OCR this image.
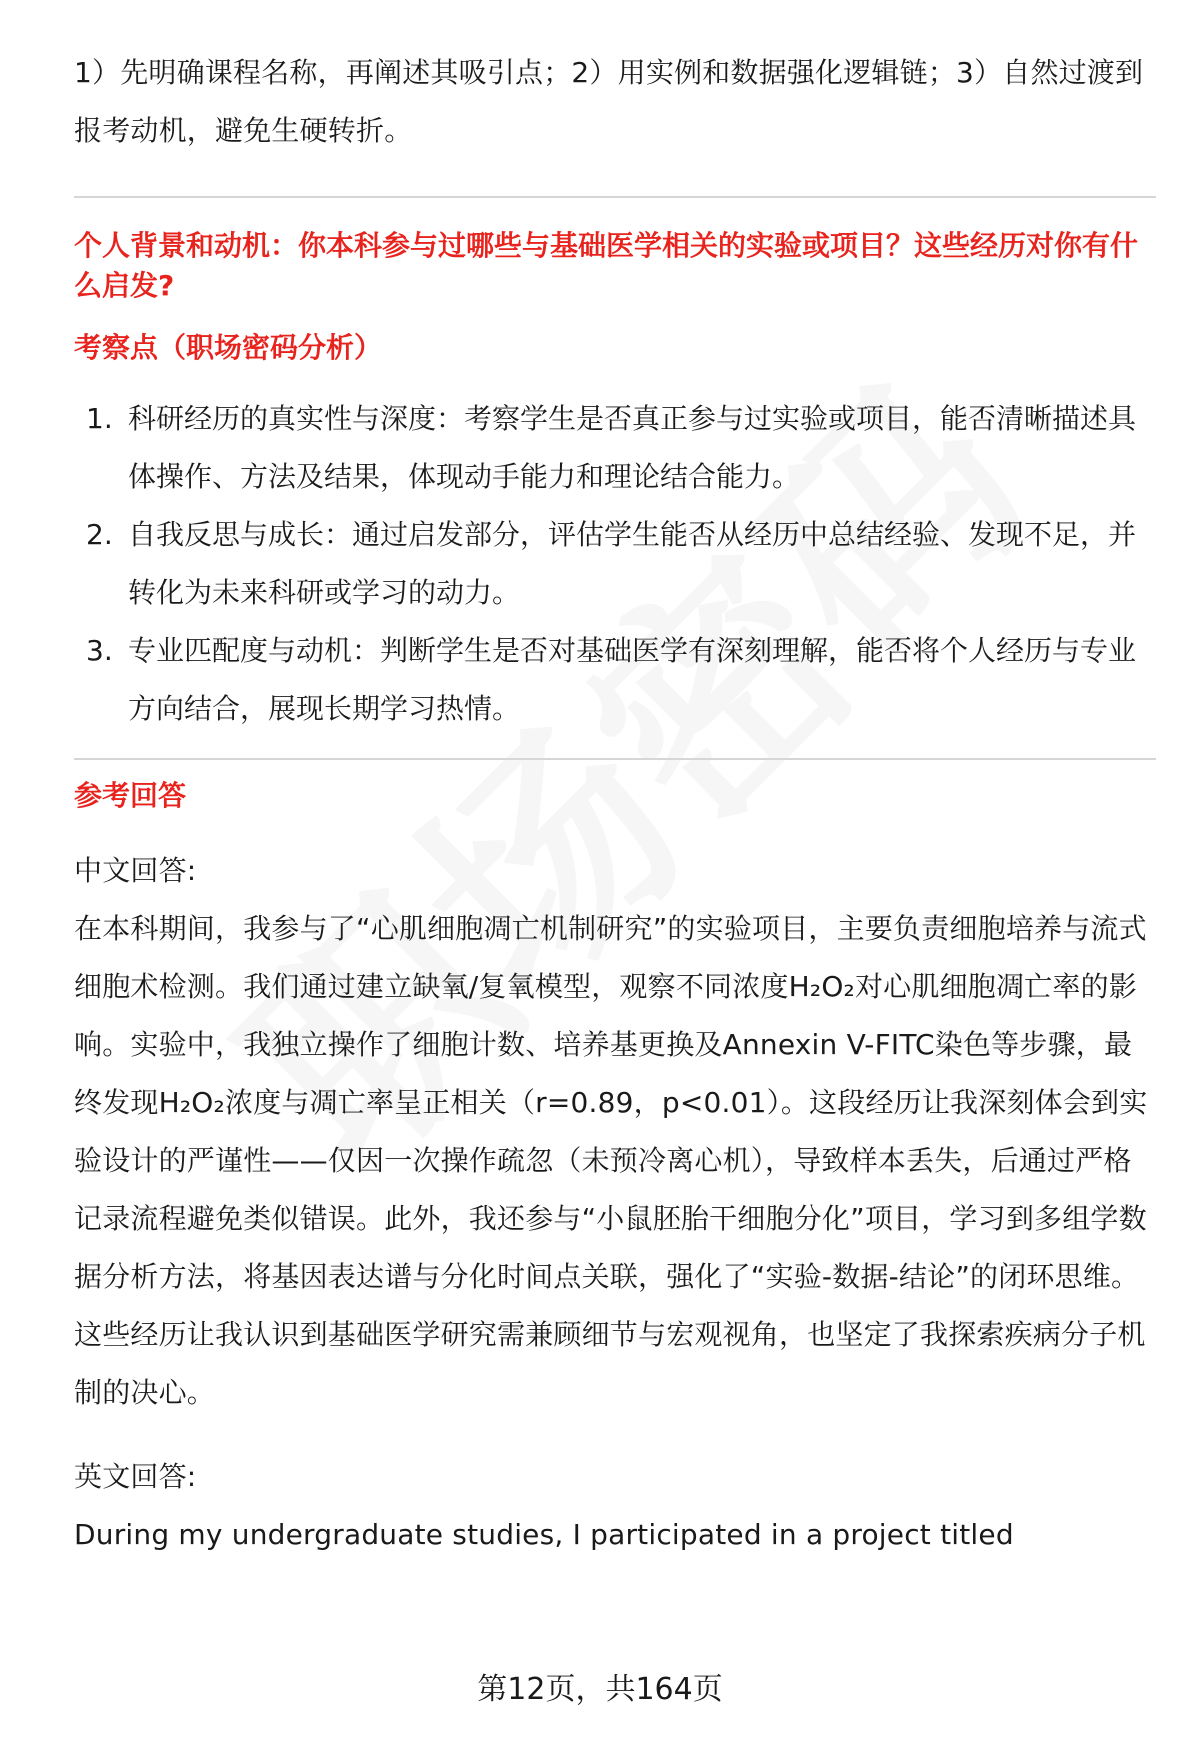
1）先明确课程名称，再阐述其吸引点；2）用实例和数据强化逻辑链；3）自然过渡到报考动机，避免生硬转折。

个人背景和动机：你本科参与过哪些与基础医学相关的实验或项目？这些经历对你有什么启发?

考察点（职场密码分析）

1. 科研经历的真实性与深度：考察学生是否真正参与过实验或项目，能否清晰描述具体操作、方法及结果，体现动手能力和理论结合能力。
2. 自我反思与成长：通过启发部分，评估学生能否从经历中总结经验、发现不足，并转化为未来科研或学习的动力。
3. 专业匹配度与动机：判断学生是否对基础医学有深刻理解，能否将个人经历与专业方向结合，展现长期学习热情。

参考回答

中文回答:

在本科期间，我参与了“心肌细胞凋亡机制研究”的实验项目，主要负责细胞培养与流式细胞术检测。我们通过建立缺氧/复氧模型，观察不同浓度H₂O₂对心肌细胞凋亡率的影响。实验中，我独立操作了细胞计数、培养基更换及Annexin V-FITC染色等步骤，最终发现H₂O₂浓度与凋亡率呈正相关（r=0.89，p<0.01）。这段经历让我深刻体会到实验设计的严谨性——仅因一次操作疏忽（未预冷离心机），导致样本丢失，后通过严格记录流程避免类似错误。此外，我还参与“小鼠胚胎干细胞分化”项目，学习到多组学数据分析方法，将基因表达谱与分化时间点关联，强化了“实验-数据-结论”的闭环思维。这些经历让我认识到基础医学研究需兼顾细节与宏观视角，也坚定了我探索疾病分子机制的决心。

英文回答:

During my undergraduate studies, I participated in a project titled

第12页，共164页
